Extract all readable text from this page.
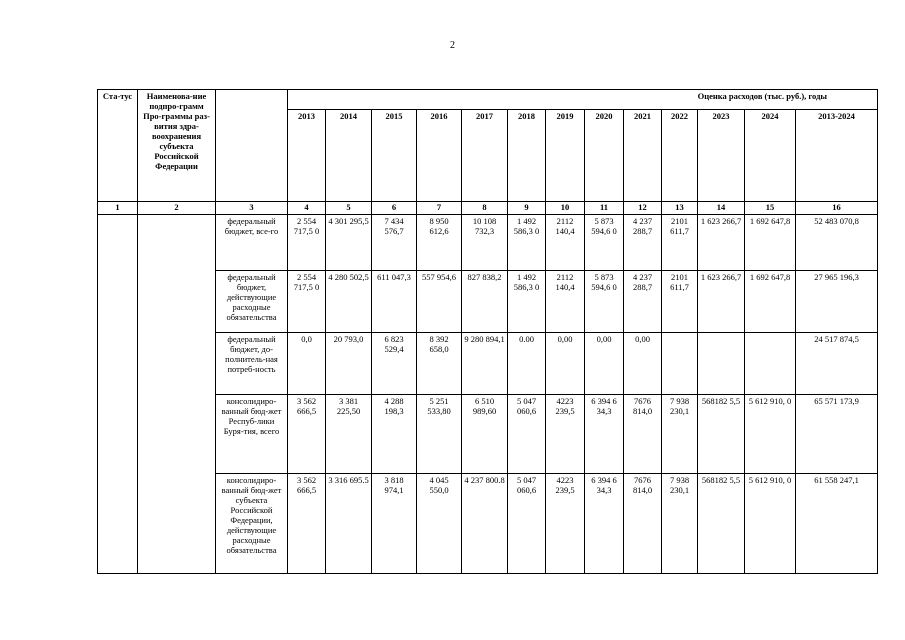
2
Ста-тус	Наименова-ние подпро-грамм Про-граммы раз-вития здра-воохранения субъекта Российской Федерации		Оценка расходов (тыс. руб.), годы												
			2013	2014	2015	2016	2017	2018	2019	2020	2021	2022	2023	2024	2013-2024
1	2	3	4	5	6	7	8	9	10	11	12	13	14	15	16
		федеральный бюджет, все-го	2 554 717,5 0	4 301 295,5	7 434 576,7	8 950 612,6	10 108 732,3	1 492 586,3 0	2112 140,4	5 873 594,6 0	4 237 288,7	2101 611,7	1 623 266,7	1 692 647,8	52 483 070,8
		федеральный бюджет, действующие расходные обязательства	2 554 717,5 0	4 280 502,5	611 047,3	557 954,6	827 838,2	1 492 586,3 0	2112 140,4	5 873 594,6 0	4 237 288,7	2101 611,7	1 623 266,7	1 692 647,8	27 965 196,3
		федеральный бюджет, до-полнитель-ная потреб-ность	0,0	20 793,0	6 823 529,4	8 392 658,0	9 280 894,1	0.00	0,00	0,00	0,00				24 517 874,5
		консолидиро-ванный бюд-жет Респуб-лики Буря-тия, всего	3 562 666,5	3 381 225,50	4 288 198,3	5 251 533,80	6 510 989,60	5 047 060,6	4223 239,5	6 394 6 34,3	7676 814,0	7 938 230,1	568182 5,5	5 612 910, 0	65 571 173,9
		консолидиро-ванный бюд-жет субъекта Российской Федерации, действующие расходные обязательства	3 562 666,5	3 316 695.5	3 818 974,1	4 045 550,0	4 237 800.8	5 047 060,6	4223 239,5	6 394 6 34,3	7676 814,0	7 938 230,1	568182 5,5	5 612 910, 0	61 558 247,1
